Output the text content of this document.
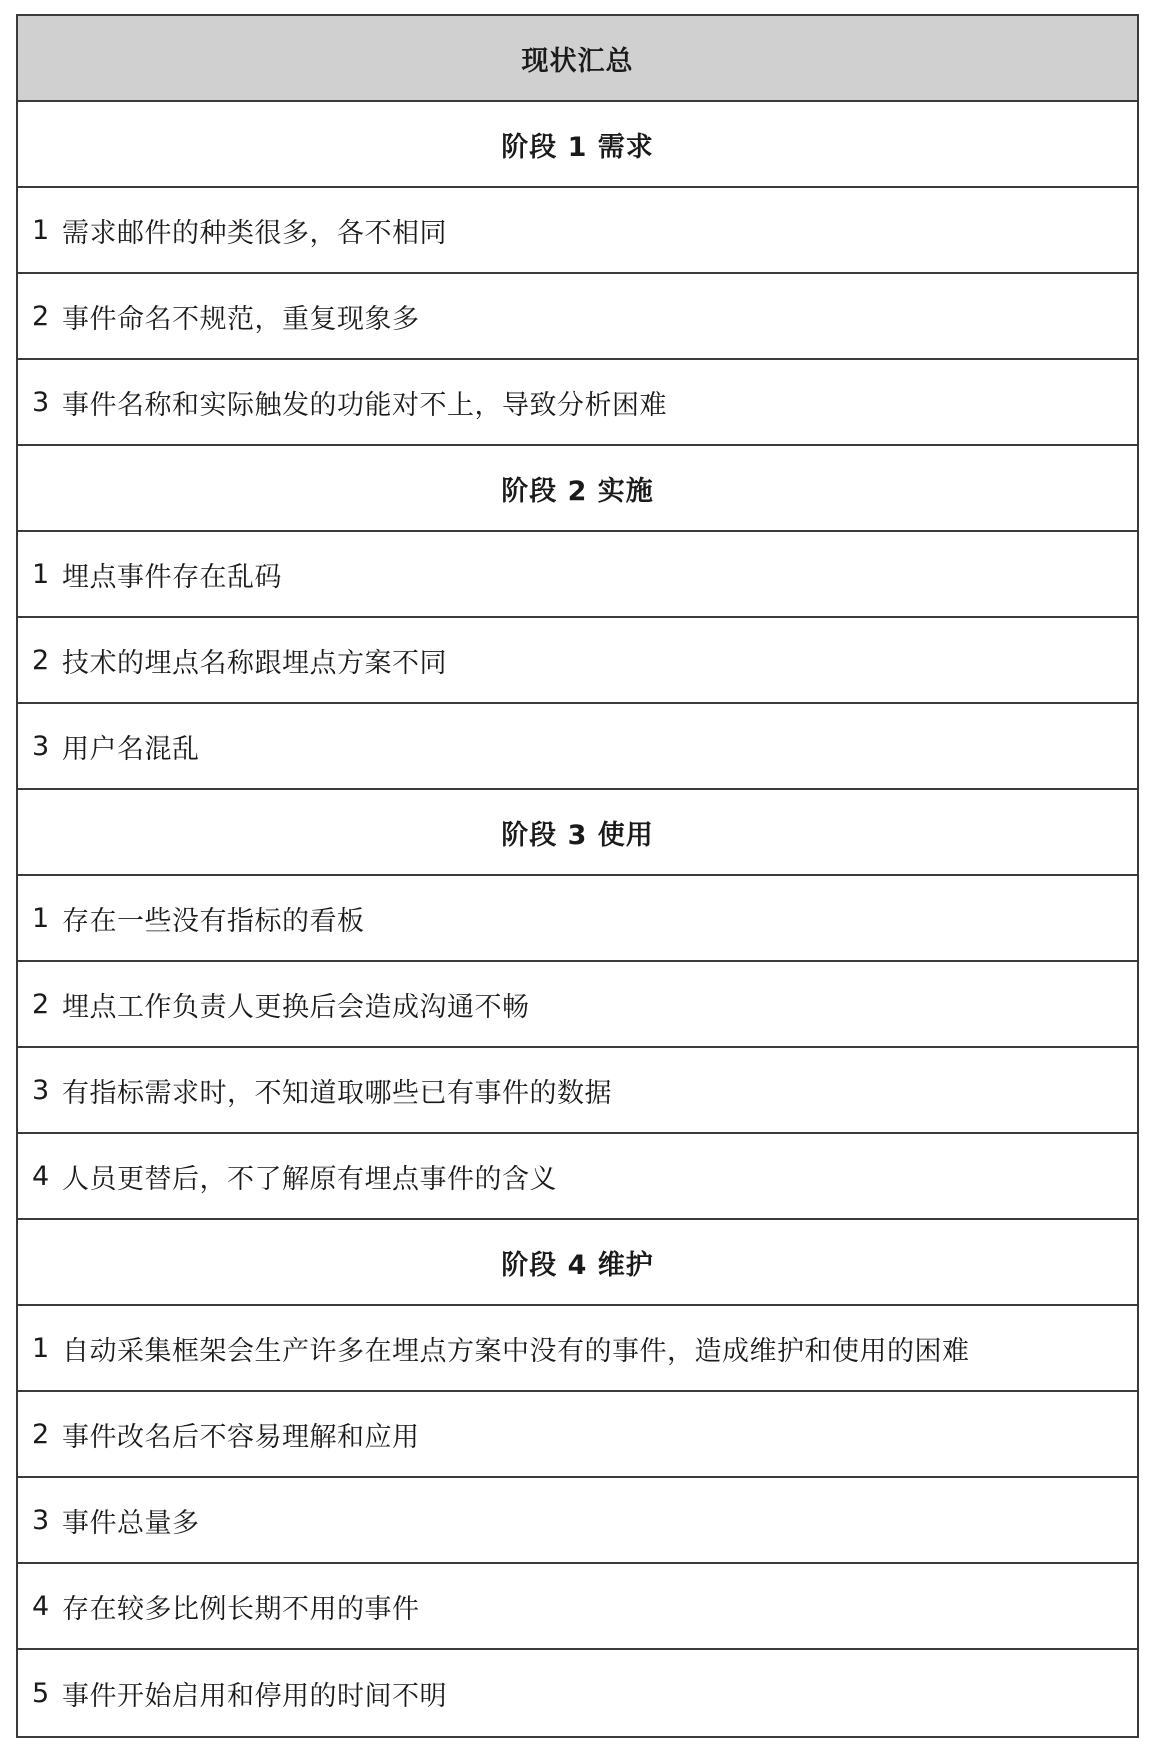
现状汇总
阶段 1 需求
1 需求邮件的种类很多，各不相同
2 事件命名不规范，重复现象多
3 事件名称和实际触发的功能对不上，导致分析困难
阶段 2 实施
1 埋点事件存在乱码
2 技术的埋点名称跟埋点方案不同
3 用户名混乱
阶段 3 使用
1 存在一些没有指标的看板
2 埋点工作负责人更换后会造成沟通不畅
3 有指标需求时，不知道取哪些已有事件的数据
4 人员更替后，不了解原有埋点事件的含义
阶段 4 维护
1 自动采集框架会生产许多在埋点方案中没有的事件，造成维护和使用的困难
2 事件改名后不容易理解和应用
3 事件总量多
4 存在较多比例长期不用的事件
5 事件开始启用和停用的时间不明
